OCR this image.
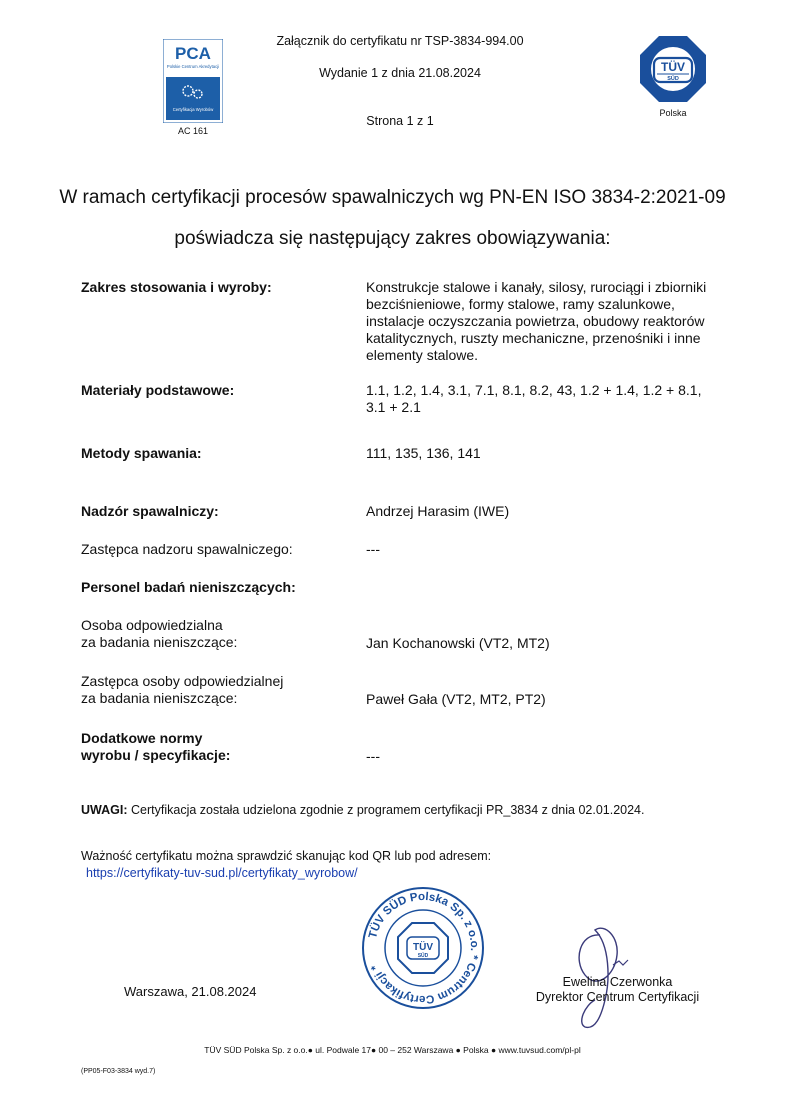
Załącznik do certyfikatu nr TSP-3834-994.00
Wydanie 1 z dnia 21.08.2024
Strona 1 z 1
PCA
Polskie Centrum Akredytacji
Certyfikacja Wyrobów
AC 161
TÜV
SÜD
Polska
W ramach certyfikacji procesów spawalniczych wg PN-EN ISO 3834-2:2021-09
poświadcza się następujący zakres obowiązywania:
Zakres stosowania i wyroby:	Konstrukcje stalowe i kanały, silosy, rurociągi i zbiorniki
bezciśnieniowe, formy stalowe, ramy szalunkowe,
instalacje oczyszczania powietrza, obudowy reaktorów
katalitycznych, ruszty mechaniczne, przenośniki i inne
elementy stalowe.
Materiały podstawowe:	1.1, 1.2, 1.4, 3.1, 7.1, 8.1, 8.2, 43, 1.2 + 1.4, 1.2 + 8.1,
3.1 + 2.1
Metody spawania:	111, 135, 136, 141
Nadzór spawalniczy:	Andrzej Harasim (IWE)
Zastępca nadzoru spawalniczego:	---
Personel badań nieniszczących:
Osoba odpowiedzialna
za badania nieniszczące:	Jan Kochanowski (VT2, MT2)
Zastępca osoby odpowiedzialnej
za badania nieniszczące:	Paweł Gała (VT2, MT2, PT2)
Dodatkowe normy
wyrobu / specyfikacje:	---
UWAGI: Certyfikacja została udzielona zgodnie z programem certyfikacji PR_3834 z dnia 02.01.2024.
Ważność certyfikatu można sprawdzić skanując kod QR lub pod adresem:
https://certyfikaty-tuv-sud.pl/certyfikaty_wyrobow/
TÜV SÜD Polska Sp. z o.o. * Centrum Certyfikacji *
TÜV
SÜD
Warszawa, 21.08.2024
Ewelina Czerwonka
Dyrektor Centrum Certyfikacji
TÜV SÜD Polska Sp. z o.o.● ul. Podwale 17● 00 – 252 Warszawa ● Polska ● www.tuvsud.com/pl-pl
(PP05-F03-3834 wyd.7)
